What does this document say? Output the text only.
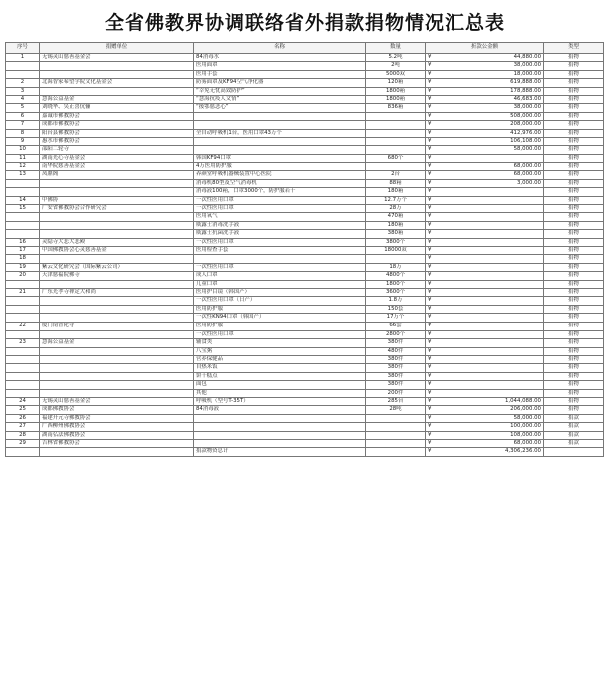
全省佛教界协调联络省外捐款捐物情况汇总表
序号	捐赠单位	名称	数量	折款公金额	类型
1	无锡灵山慈善基金会	84消毒水	5.2吨	¥ 44,880.00	捐物
		医用面罩	2吨	¥ 38,000.00	捐物
		医用手套	5000双	¥ 18,000.00	捐物
2	北海智家希望学院文化基金会	防雾面罩及KF94空气净化器	120箱	¥ 619,888.00	捐物
3		“幸免无忧高效防护”	1800箱	¥ 178,888.00	捐物
4	慧海公益基金	“慧海抗疫人文情”	1800箱	¥ 46,683.00	捐物
5	刘晓华、吴正喜伉俪	“援鄂慈悲心”	836箱	¥ 38,000.00	捐物
6	嘉诚市佛教协会			¥ 508,000.00	捐物
7	成都市佛教协会			¥ 208,000.00	捐物
8	阳台县佛教协会	全自动呼吸机1台，医用口罩43万个		¥ 412,976.00	捐物
9	惠水市佛教协会			¥ 106,108.00	捐物
10	邵阳二轮寺			¥ 58,000.00	捐物
11	湖南光心寺基金会	韩国KF94口罩	680个	¥	捐物
12	南华院慈善基金会	4万医用防护服		¥ 68,000.00	捐物
13	凤鼎阁	养颜堂呼吸机器械装置中心医院	2台	¥ 68,000.00	捐物
		消毒机80型及空气消毒机	88箱	¥ 3,000.00	捐物
		消毒液100箱，口罩3000个，防护服若干	180箱	¥	捐物
14	中佛协	一次性医用口罩	12.7万个	¥	捐物
15	广安省佛教协会合作研究会	一次性医用口罩	28万	¥	捐物
		医用氧气	470箱	¥	捐物
		威露士消毒洗手液	180箱	¥	捐物
		威露士抗菌洗手液	380箱	¥	捐物
16	灵隐寺大悲大悲殿	一次性医用口罩	3800个	¥	捐物
17	中国佛教协会心灵慈善基金	医用检查手套	18000双	¥	捐物
18				¥	捐物
19	紫云文化研究会（国际紫云公司）	一次性医用口罩	18万	¥	捐物
20	天津慈福院佛寺	成人口罩	4800个	¥	捐物
		儿童口罩	1800个	¥	捐物
21	广东光孝寺禅定大和尚	医用护目镜（韩国产）	3600个	¥	捐物
		一次性医用口罩（日产）	1.8万	¥	捐物
		医用防护服	150套	¥	捐物
		一次性KN94口罩（韩国产）	17万个	¥	捐物
22	厦门南普陀寺	医用防护服	66套	¥	捐物
		一次性医用口罩	2800个	¥	捐物
23	慧海公益基金	辅食类	380件	¥	捐物
		八宝粥	480件	¥	捐物
		营养保健品	380件	¥	捐物
		自热米饭	380件	¥	捐物
		饼干糕点	380件	¥	捐物
		面包	380件	¥	捐物
		其他	200件	¥	捐物
24	无锡灵山慈善基金会	呼吸机（型号T-35T）	285台	¥ 1,044,088.00	捐物
25	成都佛教协会	84消毒液	28吨	¥ 206,000.00	捐物
26	福建开元寺佛教协会			¥ 58,000.00	捐款
27	广西柳州佛教协会			¥ 100,000.00	捐款
28	湖南弘法佛教协会			¥ 108,000.00	捐款
29	吉林省佛教协会			¥ 68,000.00	捐款
		捐款物资总计		¥ 4,306,236.00	
